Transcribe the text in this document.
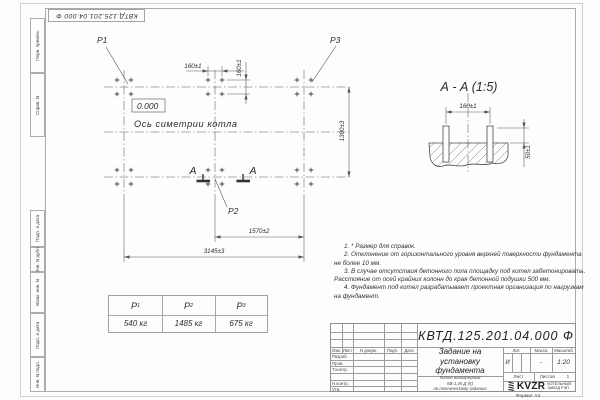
КВТД.125.201.04.000 Ф
Перв. примен.
Справ. N
Подп. и дата
Инв. N дубл.
Взам. инв. N
Подп. и дата
Инв. N подл.
P1	P3
P2
0.000
Ось симетрии котла
160±1	160±1
1300±3
1570±2
3145±3
А	А
А - А (1:5)
160±1
50±1

1. * Размер для справок.

2. Отклонение от горизонтального уровня верхней поверхности фундамента не более 10 мм.

3. В случае отсутствия бетонного пола площадку под котел забетонировать. Расстояние от осей крайних колонн до края бетонной подушки 500 мм.

4. Фундамент под котел разрабатывает проектная организация по нагрузкам на фундамент.

P 1	P 2	P 3
540 кг	1485 кг	675 кг
Изм. Лист	N докум.	Подп.	Дата
Разраб.
Пров.
Т.контр.
Н.контр.
Утв.
КВТД.125.201.04.000 Ф
Задание на
установку
фундамента
Котел водогрейный
КВ-1,45 Д (К)
по техническому заданию
Лит.	Масса	Масштаб
И	-	1:20
Лист	Листов	1
KVZR КОТЕЛЬНЫЙ
ЗАВОД РЭП
Формат А3
